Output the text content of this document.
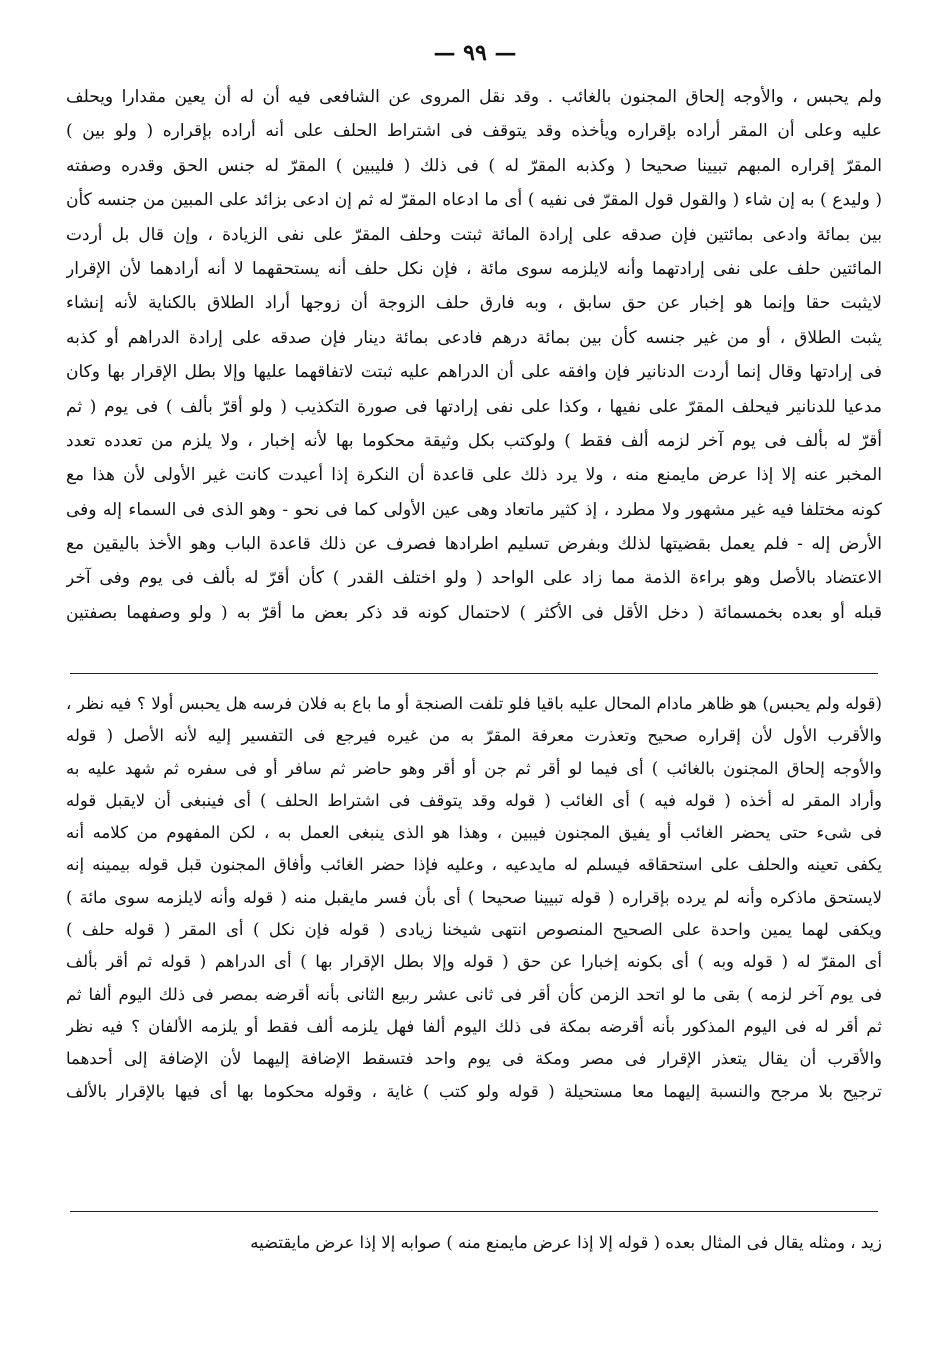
— ٩٩ —
ولم يحبس ، والأوجه إلحاق المجنون بالغائب . وقد نقل المروى عن الشافعى فيه أن له أن يعين مقدارا ويحلف
عليه وعلى أن المقر أراده بإقراره ويأخذه وقد يتوقف فى اشتراط الحلف على أنه أراده بإقراره ( ولو بين )
المقرّ إقراره المبهم تبيينا صحيحا ( وكذبه المقرّ له ) فى ذلك ( فليبين ) المقرّ له جنس الحق وقدره وصفته
( وليدع ) به إن شاء ( والقول قول المقرّ فى نفيه ) أى ما ادعاه المقرّ له ثم إن ادعى بزائد على المبين من جنسه كأن
بين بمائة وادعى بمائتين فإن صدقه على إرادة المائة ثبتت وحلف المقرّ على نفى الزيادة ، وإن قال بل أردت
المائتين حلف على نفى إرادتهما وأنه لايلزمه سوى مائة ، فإن نكل حلف أنه يستحقهما لا أنه أرادهما لأن الإقرار
لايثبت حقا وإنما هو إخبار عن حق سابق ، وبه فارق حلف الزوجة أن زوجها أراد الطلاق بالكناية لأنه إنشاء
يثبت الطلاق ، أو من غير جنسه كأن بين بمائة درهم فادعى بمائة دينار فإن صدقه على إرادة الدراهم أو كذبه
فى إرادتها وقال إنما أردت الدنانير فإن وافقه على أن الدراهم عليه ثبتت لاتفاقهما عليها وإلا بطل الإقرار بها وكان
مدعيا للدنانير فيحلف المقرّ على نفيها ، وكذا على نفى إرادتها فى صورة التكذيب ( ولو أقرّ بألف ) فى يوم ( ثم
أقرّ له بألف فى يوم آخر لزمه ألف فقط ) ولوكتب بكل وثيقة محكوما بها لأنه إخبار ، ولا يلزم من تعدده تعدد
المخبر عنه إلا إذا عرض مايمنع منه ، ولا يرد ذلك على قاعدة أن النكرة إذا أعيدت كانت غير الأولى لأن هذا مع
كونه مختلفا فيه غير مشهور ولا مطرد ، إذ كثير ماتعاد وهى عين الأولى كما فى نحو - وهو الذى فى السماء إله وفى
الأرض إله - فلم يعمل بقضيتها لذلك وبفرض تسليم اطرادها فصرف عن ذلك قاعدة الباب وهو الأخذ باليقين مع
الاعتضاد بالأصل وهو براءة الذمة مما زاد على الواحد ( ولو اختلف القدر ) كأن أقرّ له بألف فى يوم وفى آخر
قبله أو بعده بخمسمائة ( دخل الأقل فى الأكثر ) لاحتمال كونه قد ذكر بعض ما أقرّ به ( ولو وصفهما بصفتين
(قوله ولم يحبس) هو ظاهر مادام المحال عليه باقيا فلو تلفت الصنجة أو ما باع به فلان فرسه هل يحبس أولا ؟ فيه نظر ،
والأقرب الأول لأن إقراره صحيح وتعذرت معرفة المقرّ به من غيره فيرجع فى التفسير إليه لأنه الأصل ( قوله
والأوجه إلحاق المجنون بالغائب ) أى فيما لو أقر ثم جن أو أقر وهو حاضر ثم سافر أو فى سفره ثم شهد عليه به
وأراد المقر له أخذه ( قوله فيه ) أى الغائب ( قوله وقد يتوقف فى اشتراط الحلف ) أى فينبغى أن لايقبل قوله
فى شىء حتى يحضر الغائب أو يفيق المجنون فيبين ، وهذا هو الذى ينبغى العمل به ، لكن المفهوم من كلامه أنه
يكفى تعينه والحلف على استحقاقه فيسلم له مايدعيه ، وعليه فإذا حضر الغائب وأفاق المجنون قبل قوله بيمينه إنه
لايستحق ماذكره وأنه لم يرده بإقراره ( قوله تبيينا صحيحا ) أى بأن فسر مايقبل منه ( قوله وأنه لايلزمه سوى مائة )
ويكفى لهما يمين واحدة على الصحيح المنصوص انتهى شيخنا زيادى ( قوله فإن نكل ) أى المقر ( قوله حلف )
أى المقرّ له ( قوله وبه ) أى بكونه إخبارا عن حق ( قوله وإلا بطل الإقرار بها ) أى الدراهم ( قوله ثم أقر بألف
فى يوم آخر لزمه ) بقى ما لو اتحد الزمن كأن أقر فى ثانى عشر ربيع الثانى بأنه أقرضه بمصر فى ذلك اليوم ألفا ثم
ثم أقر له فى اليوم المذكور بأنه أقرضه بمكة فى ذلك اليوم ألفا فهل يلزمه ألف فقط أو يلزمه الألفان ؟ فيه نظر
والأقرب أن يقال يتعذر الإقرار فى مصر ومكة فى يوم واحد فتسقط الإضافة إليهما لأن الإضافة إلى أحدهما
ترجيح بلا مرجح والنسبة إليهما معا مستحيلة ( قوله ولو كتب ) غاية ، وقوله محكوما بها أى فيها بالإقرار بالألف
زيد ، ومثله يقال فى المثال بعده ( قوله إلا إذا عرض مايمنع منه ) صوابه إلا إذا عرض مايقتضيه
